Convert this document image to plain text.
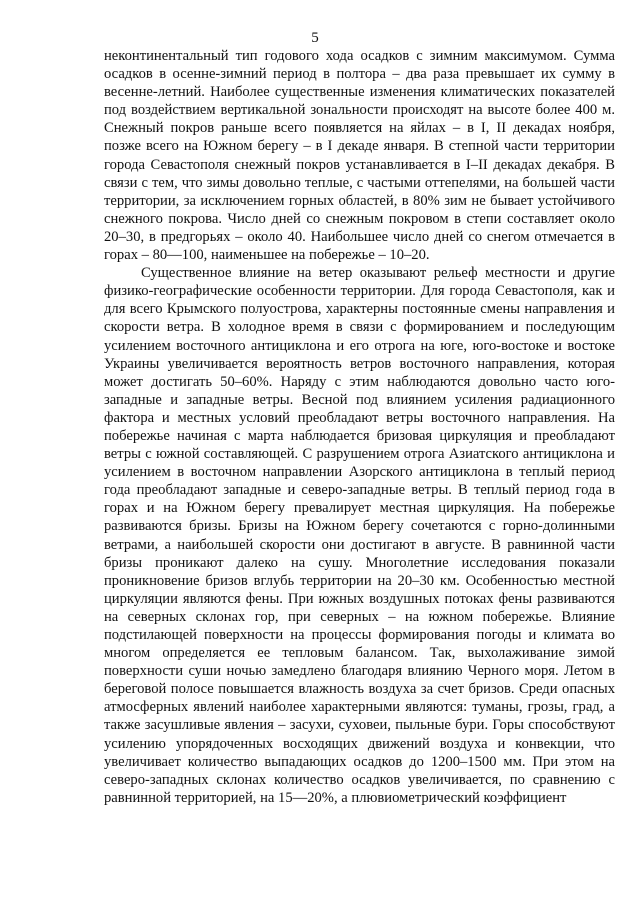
5

неконтинентальный тип годового хода осадков с зимним максимумом. Сумма осадков в осенне-зимний период в полтора – два раза превышает их сумму в весенне-летний. Наиболее существенные изменения климатических показателей под воздействием вертикальной зональности происходят на высоте более 400 м. Снежный покров раньше всего появляется на яйлах – в I, II декадах ноября, позже всего на Южном берегу – в I декаде января. В степной части территории города Севастополя снежный покров устанавливается в I–II декадах декабря. В связи с тем, что зимы довольно теплые, с частыми оттепелями, на большей части территории, за исключением горных областей, в 80% зим не бывает устойчивого снежного покрова. Число дней со снежным покровом в степи составляет около 20–30, в предгорьях – около 40. Наибольшее число дней со снегом отмечается в горах – 80—100, наименьшее на побережье – 10–20.

Существенное влияние на ветер оказывают рельеф местности и другие физико-географические особенности территории. Для города Севастополя, как и для всего Крымского полуострова, характерны постоянные смены направления и скорости ветра. В холодное время в связи с формированием и последующим усилением восточного антициклона и его отрога на юге, юго-востоке и востоке Украины увеличивается вероятность ветров восточного направления, которая может достигать 50–60%. Наряду с этим наблюдаются довольно часто юго-западные и западные ветры. Весной под влиянием усиления радиационного фактора и местных условий преобладают ветры восточного направления. На побережье начиная с марта наблюдается бризовая циркуляция и преобладают ветры с южной составляющей. С разрушением отрога Азиатского антициклона и усилением в восточном направлении Азорского антициклона в теплый период года преобладают западные и северо-западные ветры. В теплый период года в горах и на Южном берегу превалирует местная циркуляция. На побережье развиваются бризы. Бризы на Южном берегу сочетаются с горно-долинными ветрами, а наибольшей скорости они достигают в августе. В равнинной части бризы проникают далеко на сушу. Многолетние исследования показали проникновение бризов вглубь территории на 20–30 км. Особенностью местной циркуляции являются фены. При южных воздушных потоках фены развиваются на северных склонах гор, при северных – на южном побережье. Влияние подстилающей поверхности на процессы формирования погоды и климата во многом определяется ее тепловым балансом. Так, выхолаживание зимой поверхности суши ночью замедлено благодаря влиянию Черного моря. Летом в береговой полосе повышается влажность воздуха за счет бризов. Среди опасных атмосферных явлений наиболее характерными являются: туманы, грозы, град, а также засушливые явления – засухи, суховеи, пыльные бури. Горы способствуют усилению упорядоченных восходящих движений воздуха и конвекции, что увеличивает количество выпадающих осадков до 1200–1500 мм. При этом на северо-западных склонах количество осадков увеличивается, по сравнению с равнинной территорией, на 15—20%, а плювиометрический коэффициент
